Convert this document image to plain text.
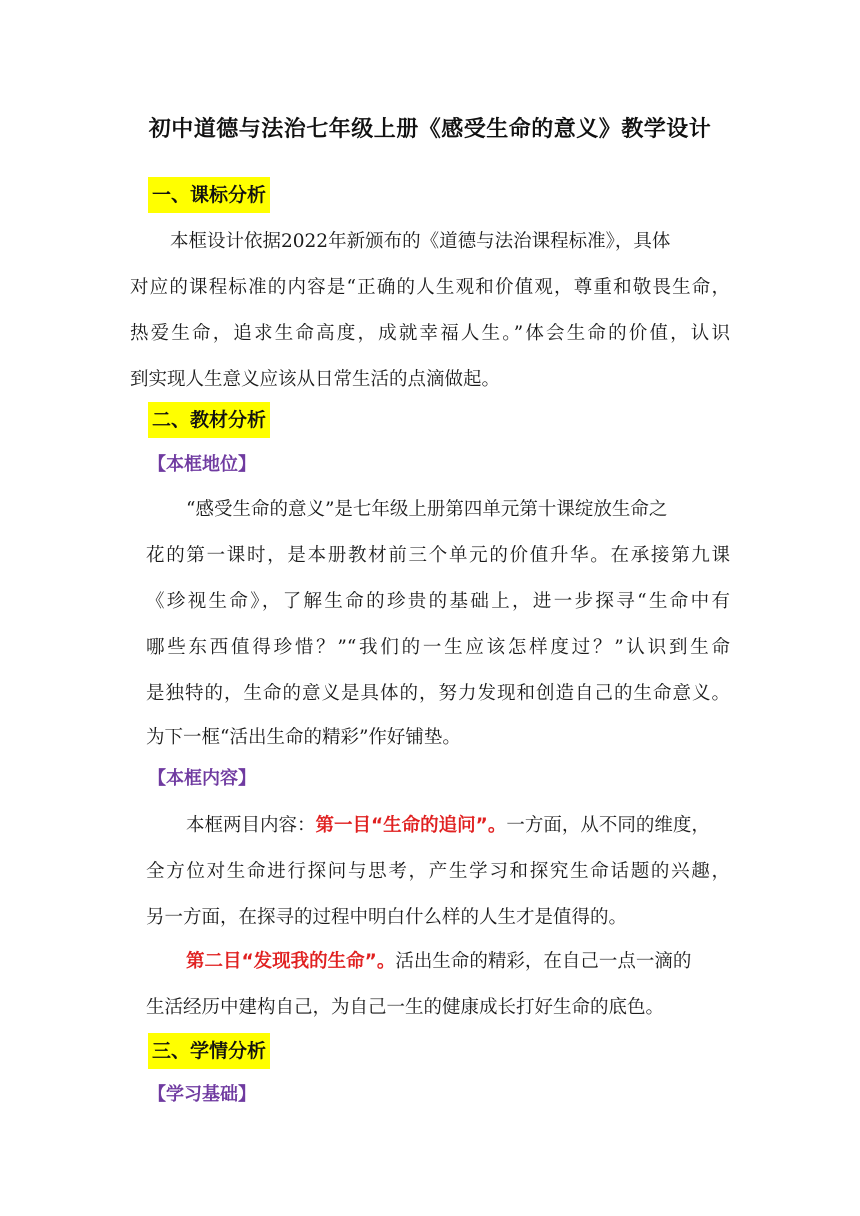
初中道德与法治七年级上册《感受生命的意义》教学设计
一、课标分析
本框设计依据2022年新颁布的《道德与法治课程标准》，具体
对应的课程标准的内容是“正确的人生观和价值观，尊重和敬畏生命，
热爱生命，追求生命高度，成就幸福人生。”体会生命的价值，认识
到实现人生意义应该从日常生活的点滴做起。
二、教材分析
【本框地位】
“感受生命的意义”是七年级上册第四单元第十课绽放生命之
花的第一课时，是本册教材前三个单元的价值升华。在承接第九课
《珍视生命》，了解生命的珍贵的基础上，进一步探寻“生命中有
哪些东西值得珍惜？”“我们的一生应该怎样度过？”认识到生命
是独特的，生命的意义是具体的，努力发现和创造自己的生命意义。
为下一框“活出生命的精彩”作好铺垫。
【本框内容】
本框两目内容：第一目“生命的追问”。一方面，从不同的维度，
全方位对生命进行探问与思考，产生学习和探究生命话题的兴趣，
另一方面，在探寻的过程中明白什么样的人生才是值得的。
第二目“发现我的生命”。活出生命的精彩，在自己一点一滴的
生活经历中建构自己，为自己一生的健康成长打好生命的底色。
三、学情分析
【学习基础】
